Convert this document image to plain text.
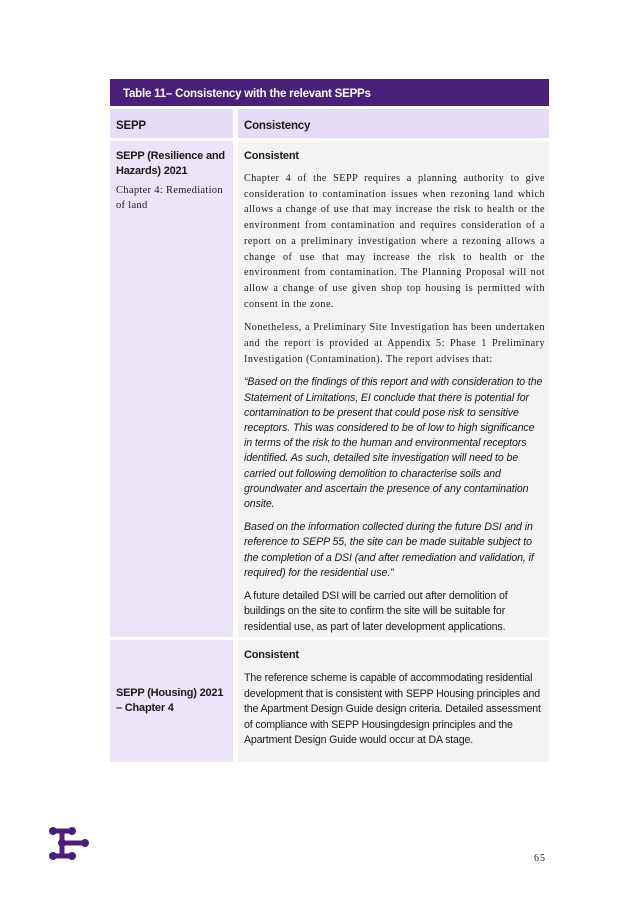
Table 11– Consistency with the relevant SEPPs
SEPP	Consistency
SEPP (Resilience and Hazards) 2021
Chapter 4: Remediation of land
Consistent

Chapter 4 of the SEPP requires a planning authority to give consideration to contamination issues when rezoning land which allows a change of use that may increase the risk to health or the environment from contamination and requires consideration of a report on a preliminary investigation where a rezoning allows a change of use that may increase the risk to health or the environment from contamination. The Planning Proposal will not allow a change of use given shop top housing is permitted with consent in the zone.

Nonetheless, a Preliminary Site Investigation has been undertaken and the report is provided at Appendix 5: Phase 1 Preliminary Investigation (Contamination). The report advises that:

“Based on the findings of this report and with consideration to the Statement of Limitations, EI conclude that there is potential for contamination to be present that could pose risk to sensitive receptors. This was considered to be of low to high significance in terms of the risk to the human and environmental receptors identified. As such, detailed site investigation will need to be carried out following demolition to characterise soils and groundwater and ascertain the presence of any contamination onsite.

Based on the information collected during the future DSI and in reference to SEPP 55, the site can be made suitable subject to the completion of a DSI (and after remediation and validation, if required) for the residential use.”

A future detailed DSI will be carried out after demolition of buildings on the site to confirm the site will be suitable for residential use, as part of later development applications.

SEPP (Housing) 2021 – Chapter 4
Consistent

The reference scheme is capable of accommodating residential development that is consistent with SEPP Housing principles and the Apartment Design Guide design criteria. Detailed assessment of compliance with SEPP Housingdesign principles and the Apartment Design Guide would occur at DA stage.

65
